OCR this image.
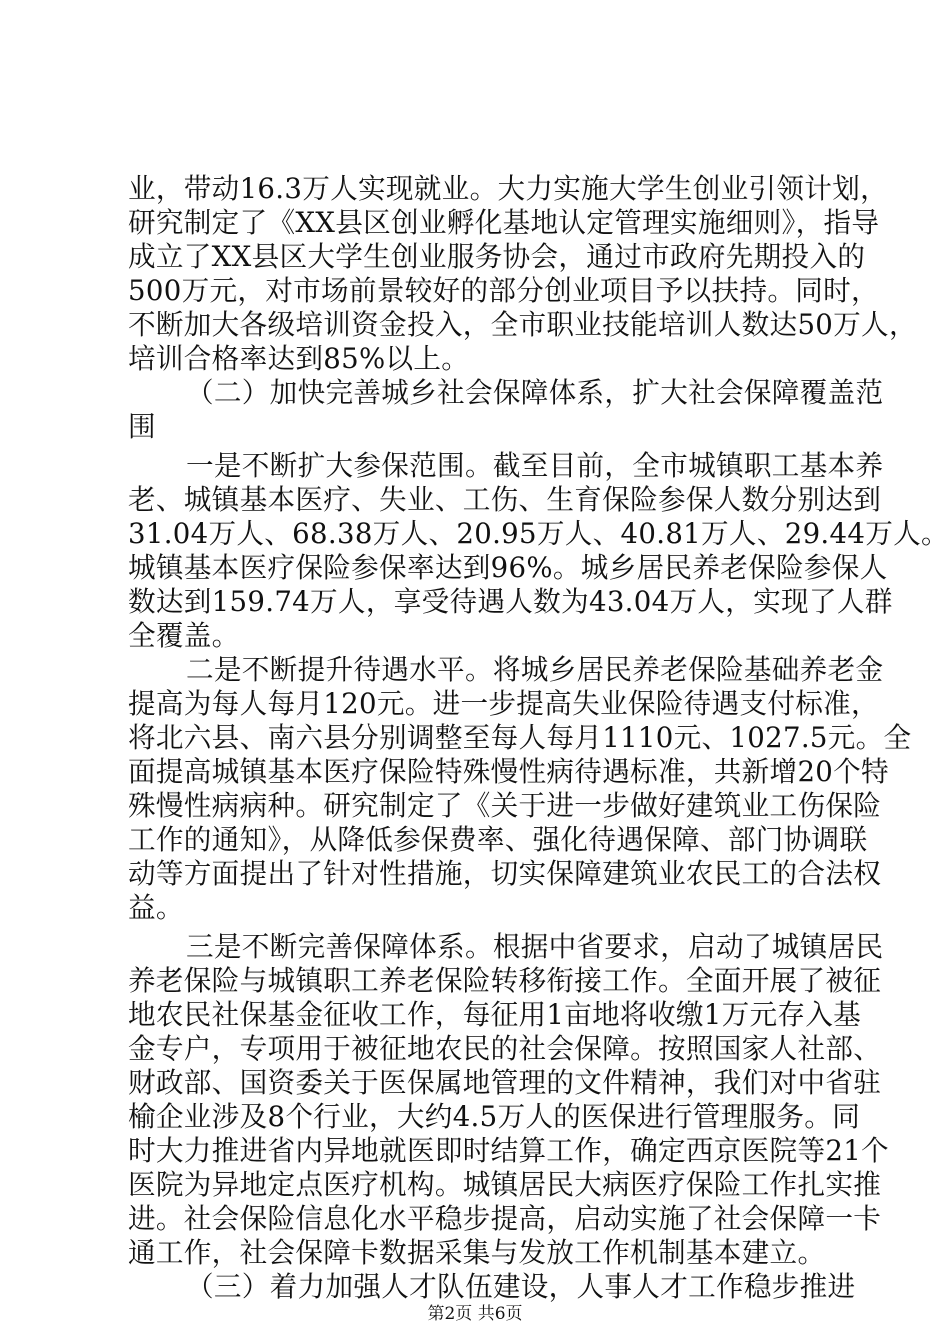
业，带动16.3万人实现就业。大力实施大学生创业引领计划，
研究制定了《XX县区创业孵化基地认定管理实施细则》，指导
成立了XX县区大学生创业服务协会，通过市政府先期投入的
500万元，对市场前景较好的部分创业项目予以扶持。同时，
不断加大各级培训资金投入，全市职业技能培训人数达50万人，
培训合格率达到85%以上。
（二）加快完善城乡社会保障体系，扩大社会保障覆盖范
围
一是不断扩大参保范围。截至目前，全市城镇职工基本养
老、城镇基本医疗、失业、工伤、生育保险参保人数分别达到
31.04万人、68.38万人、20.95万人、40.81万人、29.44万人。
城镇基本医疗保险参保率达到96%。城乡居民养老保险参保人
数达到159.74万人，享受待遇人数为43.04万人，实现了人群
全覆盖。
二是不断提升待遇水平。将城乡居民养老保险基础养老金
提高为每人每月120元。进一步提高失业保险待遇支付标准，
将北六县、南六县分别调整至每人每月1110元、1027.5元。全
面提高城镇基本医疗保险特殊慢性病待遇标准，共新增20个特
殊慢性病病种。研究制定了《关于进一步做好建筑业工伤保险
工作的通知》，从降低参保费率、强化待遇保障、部门协调联
动等方面提出了针对性措施，切实保障建筑业农民工的合法权
益。
三是不断完善保障体系。根据中省要求，启动了城镇居民
养老保险与城镇职工养老保险转移衔接工作。全面开展了被征
地农民社保基金征收工作，每征用1亩地将收缴1万元存入基
金专户，专项用于被征地农民的社会保障。按照国家人社部、
财政部、国资委关于医保属地管理的文件精神，我们对中省驻
榆企业涉及8个行业，大约4.5万人的医保进行管理服务。同
时大力推进省内异地就医即时结算工作，确定西京医院等21个
医院为异地定点医疗机构。城镇居民大病医疗保险工作扎实推
进。社会保险信息化水平稳步提高，启动实施了社会保障一卡
通工作，社会保障卡数据采集与发放工作机制基本建立。
（三）着力加强人才队伍建设，人事人才工作稳步推进
第2页 共6页
